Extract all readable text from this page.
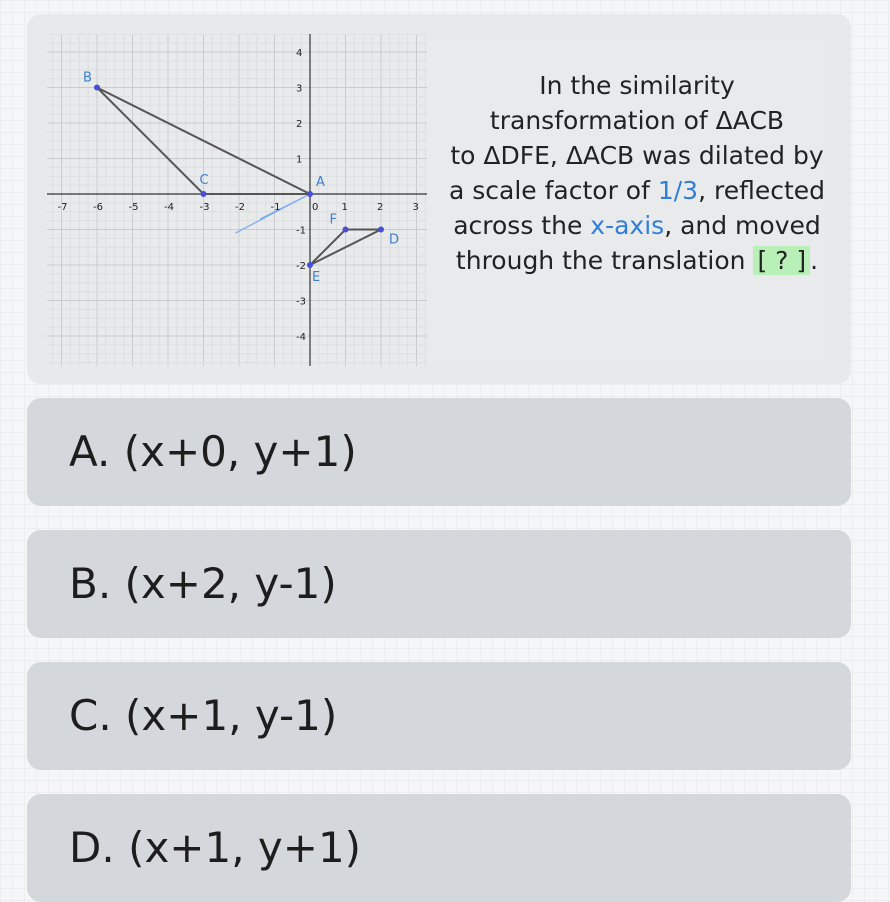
-7	-6	-5	-4	-3	-2	-1	0 1	2	3
4
3
2
1
-1
-2
-3
-4
B
C	A
F
D
E
In the similarity
transformation of ΔACB
to ΔDFE, ΔACB was dilated by
a scale factor of 1/3, reflected
across the x-axis, and moved
through the translation [ ? ] .
A. (x+0, y+1)
B. (x+2, y-1)
C. (x+1, y-1)
D. (x+1, y+1)
